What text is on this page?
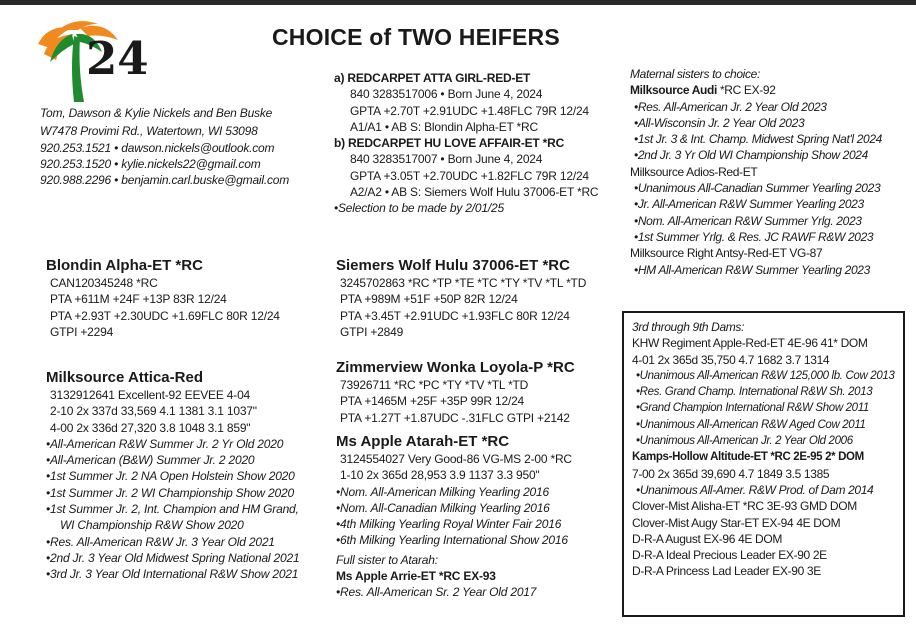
24	CHOICE of TWO HEIFERS
Tom, Dawson & Kylie Nickels and Ben Buske
W7478 Provimi Rd., Watertown, WI 53098
920.253.1521 • dawson.nickels@outlook.com
920.253.1520 • kylie.nickels22@gmail.com
920.988.2296 • benjamin.carl.buske@gmail.com
a) REDCARPET ATTA GIRL-RED-ET
840 3283517006 • Born June 4, 2024
GPTA +2.70T +2.91UDC +1.48FLC 79R 12/24
A1/A1 • AB S: Blondin Alpha-ET *RC
b) REDCARPET HU LOVE AFFAIR-ET *RC
840 3283517007 • Born June 4, 2024
GPTA +3.05T +2.70UDC +1.82FLC 79R 12/24
A2/A2 • AB S: Siemers Wolf Hulu 37006-ET *RC
•Selection to be made by 2/01/25
Blondin Alpha-ET *RC
CAN120345248 *RC
PTA +611M +24F +13P 83R 12/24
PTA +2.93T +2.30UDC +1.69FLC 80R 12/24
GTPI +2294
Milksource Attica-Red
3132912641 Excellent-92 EEVEE 4-04
2-10 2x 337d 33,569 4.1 1381 3.1 1037"
4-00 2x 336d 27,320 3.8 1048 3.1 859"
•All-American R&W Summer Jr. 2 Yr Old 2020
•All-American (B&W) Summer Jr. 2 2020
•1st Summer Jr. 2 NA Open Holstein Show 2020
•1st Summer Jr. 2 WI Championship Show 2020
•1st Summer Jr. 2, Int. Champion and HM Grand,
WI Championship R&W Show 2020
•Res. All-American R&W Jr. 3 Year Old 2021
•2nd Jr. 3 Year Old Midwest Spring National 2021
•3rd Jr. 3 Year Old International R&W Show 2021
Siemers Wolf Hulu 37006-ET *RC
3245702863 *RC *TP *TE *TC *TY *TV *TL *TD
PTA +989M +51F +50P 82R 12/24
PTA +3.45T +2.91UDC +1.93FLC 80R 12/24
GTPI +2849
Zimmerview Wonka Loyola-P *RC
73926711 *RC *PC *TY *TV *TL *TD
PTA +1465M +25F +35P 99R 12/24
PTA +1.27T +1.87UDC -.31FLC GTPI +2142
Ms Apple Atarah-ET *RC
3124554027 Very Good-86 VG-MS 2-00 *RC
1-10 2x 365d 28,953 3.9 1137 3.3 950"
•Nom. All-American Milking Yearling 2016
•Nom. All-Canadian Milking Yearling 2016
•4th Milking Yearling Royal Winter Fair 2016
•6th Milking Yearling International Show 2016
Full sister to Atarah:
Ms Apple Arrie-ET *RC EX-93
•Res. All-American Sr. 2 Year Old 2017
Maternal sisters to choice:
Milksource Audi *RC EX-92
•Res. All-American Jr. 2 Year Old 2023
•All-Wisconsin Jr. 2 Year Old 2023
•1st Jr. 3 & Int. Champ. Midwest Spring Nat'l 2024
•2nd Jr. 3 Yr Old WI Championship Show 2024
Milksource Adios-Red-ET
•Unanimous All-Canadian Summer Yearling 2023
•Jr. All-American R&W Summer Yearling 2023
•Nom. All-American R&W Summer Yrlg. 2023
•1st Summer Yrlg. & Res. JC RAWF R&W 2023
Milksource Right Antsy-Red-ET VG-87
•HM All-American R&W Summer Yearling 2023
3rd through 9th Dams:
KHW Regiment Apple-Red-ET 4E-96 41* DOM
4-01 2x 365d 35,750 4.7 1682 3.7 1314
•Unanimous All-American R&W 125,000 lb. Cow 2013
•Res. Grand Champ. International R&W Sh. 2013
•Grand Champion International R&W Show 2011
•Unanimous All-American R&W Aged Cow 2011
•Unanimous All-American Jr. 2 Year Old 2006
Kamps-Hollow Altitude-ET *RC 2E-95 2* DOM
7-00 2x 365d 39,690 4.7 1849 3.5 1385
•Unanimous All-Amer. R&W Prod. of Dam 2014
Clover-Mist Alisha-ET *RC 3E-93 GMD DOM
Clover-Mist Augy Star-ET EX-94 4E DOM
D-R-A August EX-96 4E DOM
D-R-A Ideal Precious Leader EX-90 2E
D-R-A Princess Lad Leader EX-90 3E
